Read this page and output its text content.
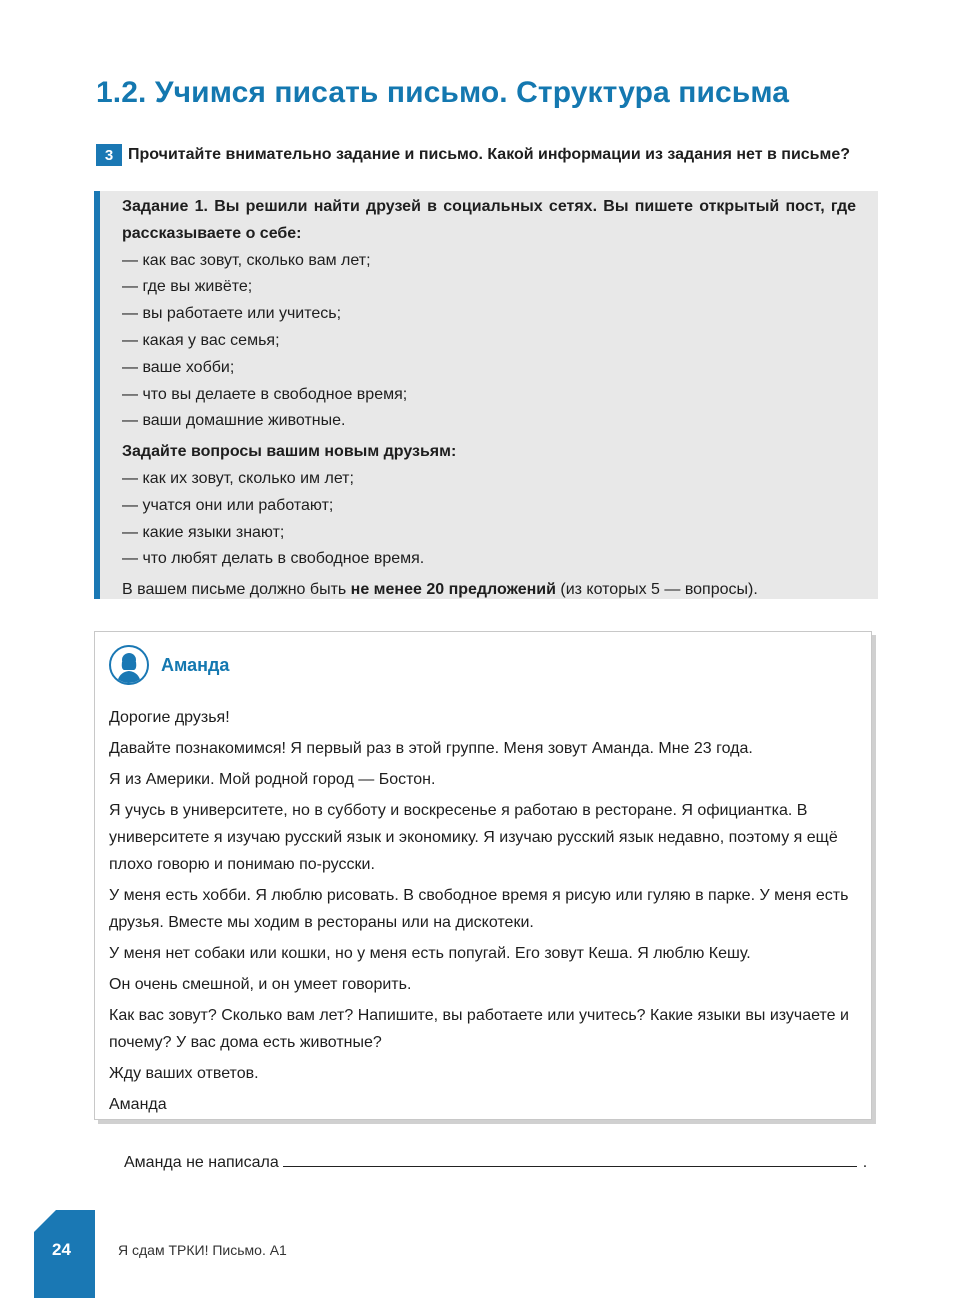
1.2. Учимся писать письмо. Структура письма
3 Прочитайте внимательно задание и письмо. Какой информации из задания нет в письме?
Задание 1. Вы решили найти друзей в социальных сетях. Вы пишете открытый пост, где рассказываете о себе:
— как вас зовут, сколько вам лет;
— где вы живёте;
— вы работаете или учитесь;
— какая у вас семья;
— ваше хобби;
— что вы делаете в свободное время;
— ваши домашние животные.
Задайте вопросы вашим новым друзьям:
— как их зовут, сколько им лет;
— учатся они или работают;
— какие языки знают;
— что любят делать в свободное время.
В вашем письме должно быть не менее 20 предложений (из которых 5 — вопросы).
Аманда

Дорогие друзья!

Давайте познакомимся! Я первый раз в этой группе. Меня зовут Аманда. Мне 23 года.

Я из Америки. Мой родной город — Бостон.

Я учусь в университете, но в субботу и воскресенье я работаю в ресторане. Я официантка. В университете я изучаю русский язык и экономику. Я изучаю русский язык недавно, поэтому я ещё плохо говорю и понимаю по-русски.

У меня есть хобби. Я люблю рисовать. В свободное время я рисую или гуляю в парке. У меня есть друзья. Вместе мы ходим в рестораны или на дискотеки.

У меня нет собаки или кошки, но у меня есть попугай. Его зовут Кеша. Я люблю Кешу.

Он очень смешной, и он умеет говорить.

Как вас зовут? Сколько вам лет? Напишите, вы работаете или учитесь? Какие языки вы изучаете и почему? У вас дома есть животные?

Жду ваших ответов.

Аманда

Аманда не написала	.
24	Я сдам ТРКИ! Письмо. А1
